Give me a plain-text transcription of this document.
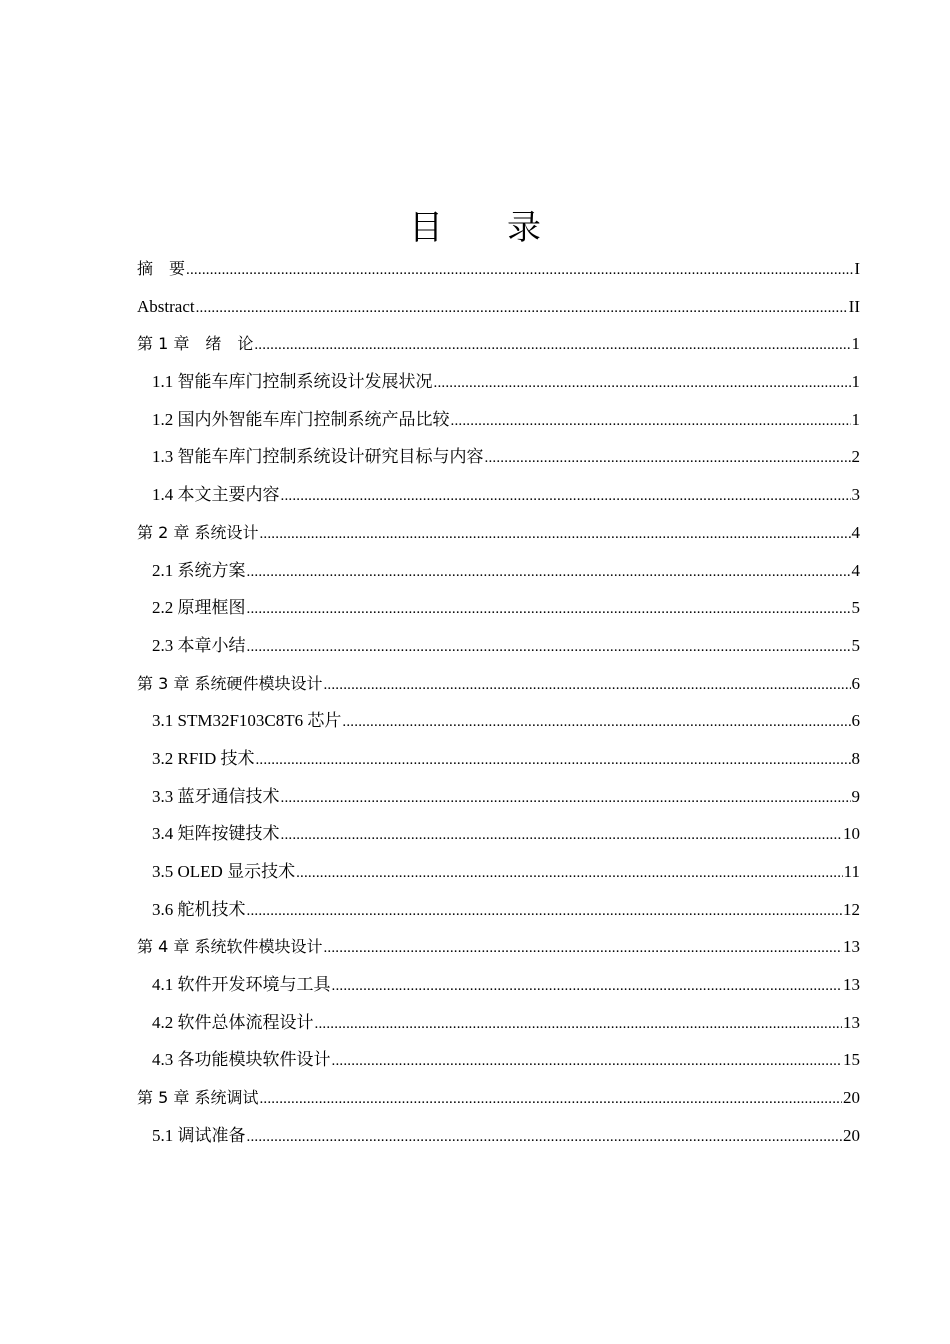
目 录
摘　要 .....	I
Abstract .....	II
第 1 章　绪　论 .....	1
1.1 智能车库门控制系统设计发展状况 .....	1
1.2 国内外智能车库门控制系统产品比较 .....	1
1.3 智能车库门控制系统设计研究目标与内容 .....	2
1.4 本文主要内容 .....	3
第 2 章 系统设计 .....	4
2.1 系统方案 .....	4
2.2 原理框图 .....	5
2.3 本章小结 .....	5
第 3 章 系统硬件模块设计 .....	6
3.1 STM32F103C8T6 芯片 .....	6
3.2 RFID 技术 .....	8
3.3 蓝牙通信技术 .....	9
3.4 矩阵按键技术 .....	10
3.5 OLED 显示技术 .....	11
3.6 舵机技术 .....	12
第 4 章 系统软件模块设计 .....	13
4.1 软件开发环境与工具 .....	13
4.2 软件总体流程设计 .....	13
4.3 各功能模块软件设计 .....	15
第 5 章 系统调试 .....	20
5.1 调试准备 .....	20
